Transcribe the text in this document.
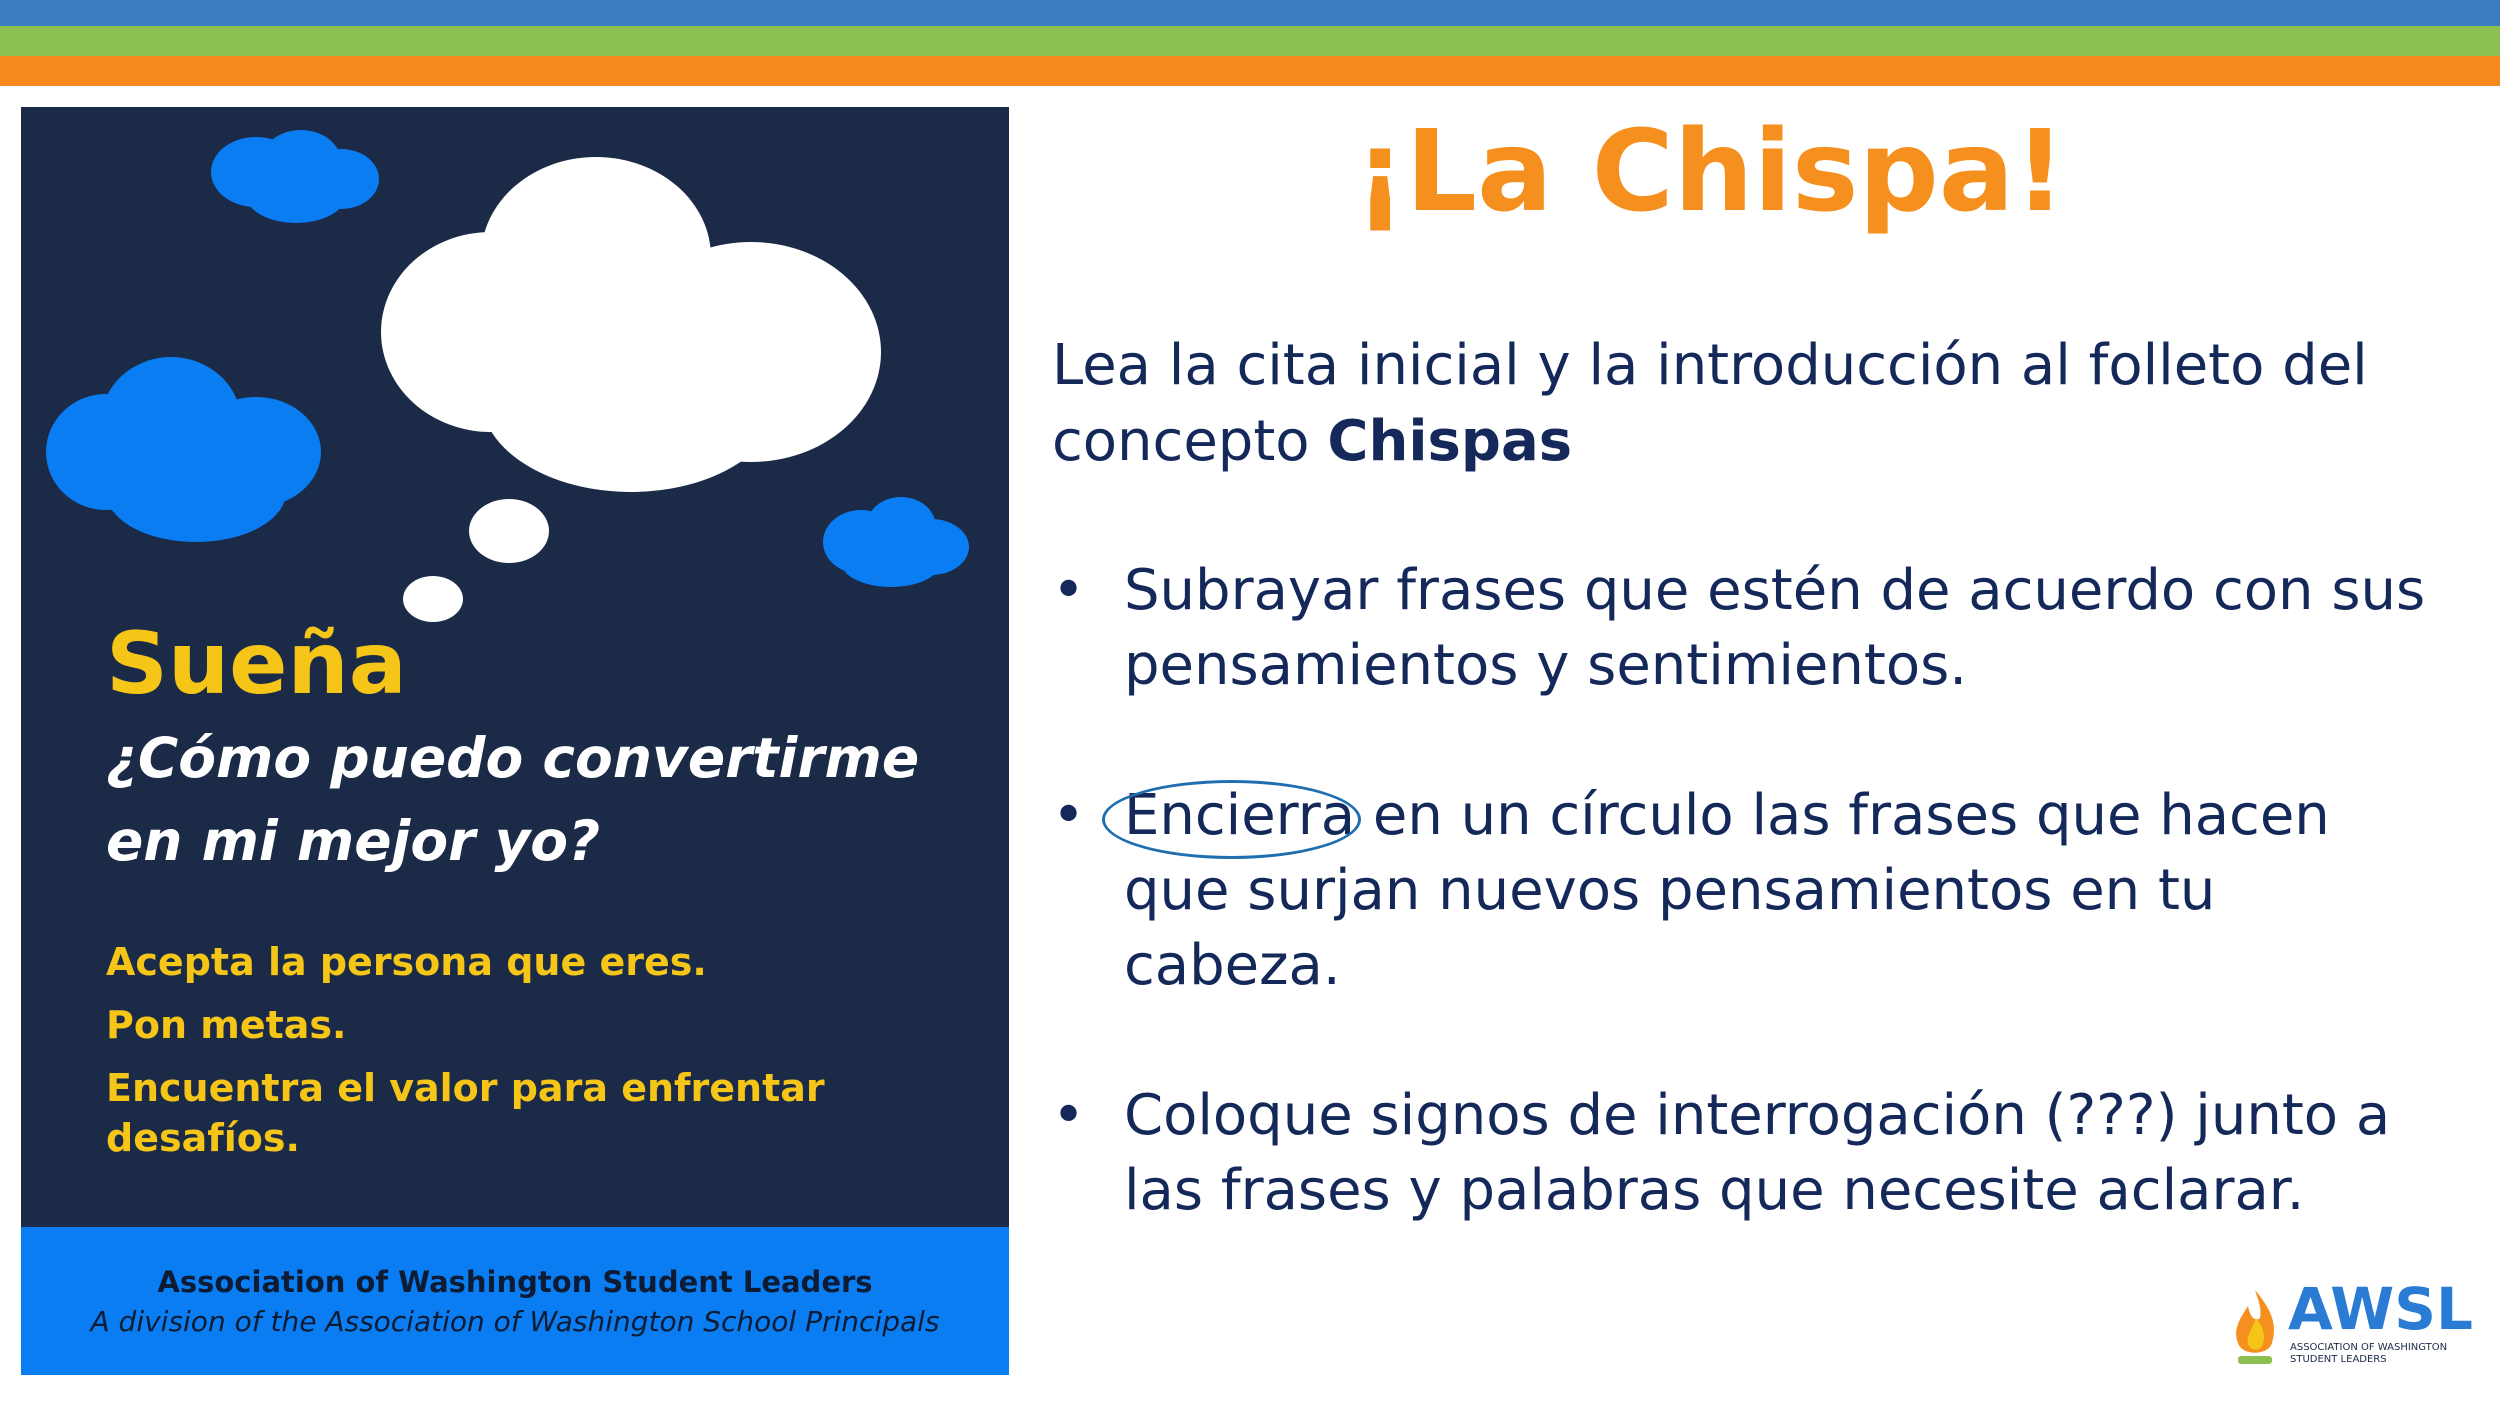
Sueña

¿Cómo puedo convertirme en mi mejor yo?

Acepta la persona que eres.
Pon metas.
Encuentra el valor para enfrentar desafíos.
Association of Washington Student Leaders
A division of the Association of Washington School Principals
¡La Chispa!

Lea la cita inicial y la introducción al folleto del concepto Chispas

• Subrayar frases que estén de acuerdo con sus pensamientos y sentimientos.
• Encierra en un círculo las frases que hacen que surjan nuevos pensamientos en tu cabeza.
• Coloque signos de interrogación (???) junto a las frases y palabras que necesite aclarar.
AWSL
ASSOCIATION OF WASHINGTON STUDENT LEADERS
